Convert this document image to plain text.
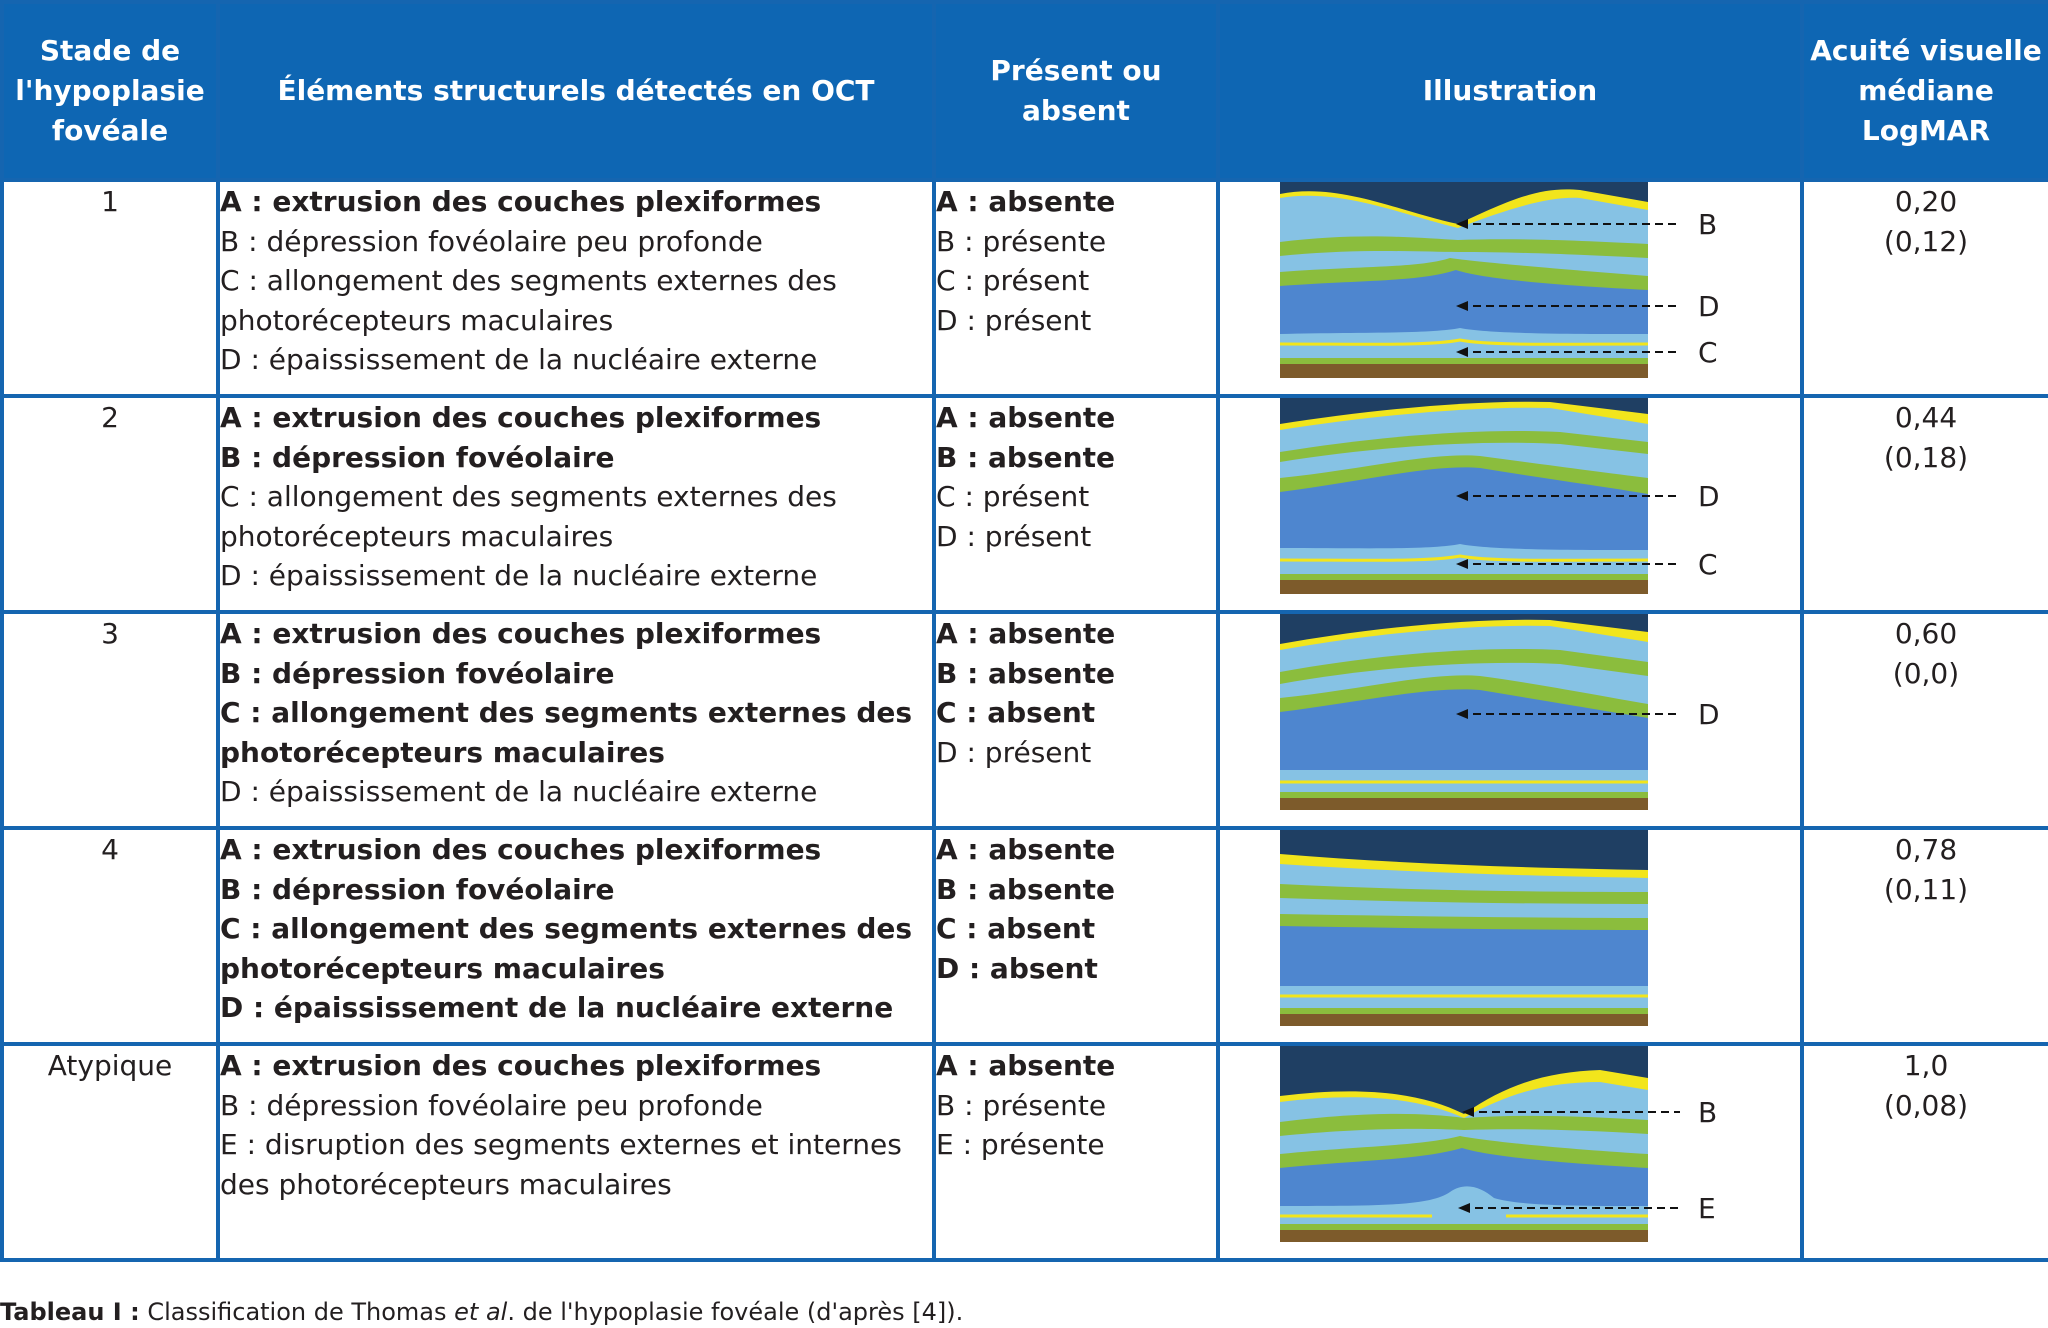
Stade de l'hypoplasie fovéale	Éléments structurels détectés en OCT	Présent ou absent	Illustration	Acuité visuelle médiane LogMAR
1	A : extrusion des couches plexiformes
B : dépression fovéolaire peu profonde
C : allongement des segments externes des photorécepteurs maculaires
D : épaississement de la nucléaire externe	A : absente
B : présente
C : présent
D : présent	B
D
C	0,20
(0,12)

2	A : extrusion des couches plexiformes
B : dépression fovéolaire
C : allongement des segments externes des photorécepteurs maculaires
D : épaississement de la nucléaire externe	A : absente
B : absente
C : présent
D : présent	D
C	0,44
(0,18)

3	A : extrusion des couches plexiformes
B : dépression fovéolaire
C : allongement des segments externes des photorécepteurs maculaires
D : épaississement de la nucléaire externe	A : absente
B : absente
C : absent
D : présent	D	0,60
(0,0)

4	A : extrusion des couches plexiformes
B : dépression fovéolaire
C : allongement des segments externes des photorécepteurs maculaires
D : épaississement de la nucléaire externe	A : absente
B : absente
C : absent
D : absent		0,78
(0,11)

Atypique	A : extrusion des couches plexiformes
B : dépression fovéolaire peu profonde
E : disruption des segments externes et internes des photorécepteurs maculaires	A : absente
B : présente
E : présente	B
E	1,0
(0,08)
Tableau I : Classification de Thomas et al. de l'hypoplasie fovéale (d'après [4]).
